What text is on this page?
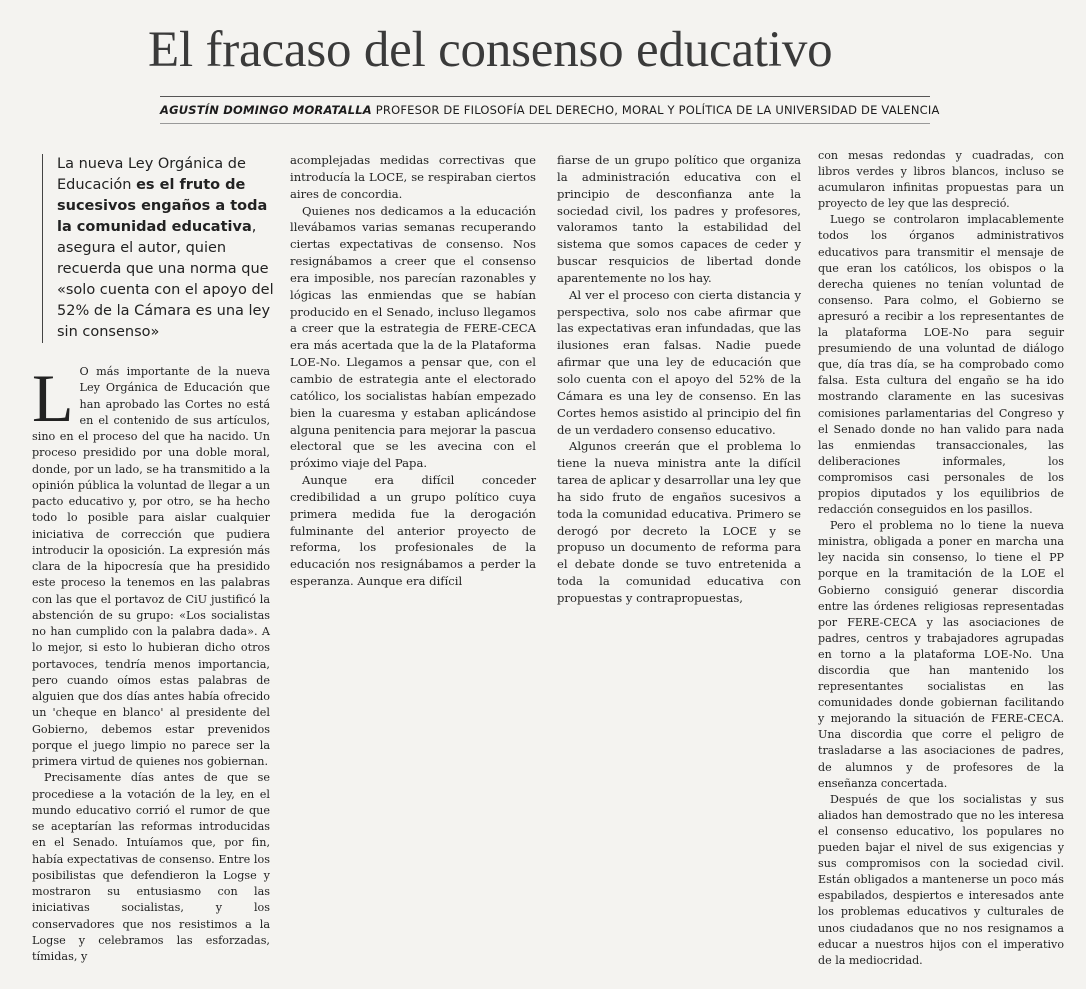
El fracaso del consenso educativo
AGUSTÍN DOMINGO MORATALLA PROFESOR DE FILOSOFÍA DEL DERECHO, MORAL Y POLÍTICA DE LA UNIVERSIDAD DE VALENCIA
La nueva Ley Orgánica de Educación es el fruto de sucesivos engaños a toda la comunidad educativa, asegura el autor, quien recuerda que una norma que «solo cuenta con el apoyo del 52% de la Cámara es una ley sin consenso»

L O más importante de la nueva Ley Orgánica de Educación que han aprobado las Cortes no está en el contenido de sus artículos, sino en el proceso del que ha nacido. Un proceso presidido por una doble moral, donde, por un lado, se ha transmitido a la opinión pública la voluntad de llegar a un pacto educativo y, por otro, se ha hecho todo lo posible para aislar cualquier iniciativa de corrección que pudiera introducir la oposición. La expresión más clara de la hipocresía que ha presidido este proceso la tenemos en las palabras con las que el portavoz de CiU justificó la abstención de su grupo: «Los socialistas no han cumplido con la palabra dada». A lo mejor, si esto lo hubieran dicho otros portavoces, tendría menos importancia, pero cuando oímos estas palabras de alguien que dos días antes había ofrecido un 'cheque en blanco' al presidente del Gobierno, debemos estar prevenidos porque el juego limpio no parece ser la primera virtud de quienes nos gobiernan.

Precisamente días antes de que se procediese a la votación de la ley, en el mundo educativo corrió el rumor de que se aceptarían las reformas introducidas en el Senado. Intuíamos que, por fin, había expectativas de consenso. Entre los posibilistas que defendieron la Logse y mostraron su entusiasmo con las iniciativas socialistas, y los conservadores que nos resistimos a la Logse y celebramos las esforzadas, tímidas, y

acomplejadas medidas correctivas que introducía la LOCE, se respiraban ciertos aires de concordia.

Quienes nos dedicamos a la educación llevábamos varias semanas recuperando ciertas expectativas de consenso. Nos resignábamos a creer que el consenso era imposible, nos parecían razonables y lógicas las enmiendas que se habían producido en el Senado, incluso llegamos a creer que la estrategia de FERE-CECA era más acertada que la de la Plataforma LOE-No. Llegamos a pensar que, con el cambio de estrategia ante el electorado católico, los socialistas habían empezado bien la cuaresma y estaban aplicándose alguna penitencia para mejorar la pascua electoral que se les avecina con el próximo viaje del Papa.

Aunque era difícil conceder credibilidad a un grupo político cuya primera medida fue la derogación fulminante del anterior proyecto de reforma, los profesionales de la educación nos resignábamos a perder la esperanza. Aunque era difícil

fiarse de un grupo político que organiza la administración educativa con el principio de desconfianza ante la sociedad civil, los padres y profesores, valoramos tanto la estabilidad del sistema que somos capaces de ceder y buscar resquicios de libertad donde aparentemente no los hay.

Al ver el proceso con cierta distancia y perspectiva, solo nos cabe afirmar que las expectativas eran infundadas, que las ilusiones eran falsas. Nadie puede afirmar que una ley de educación que solo cuenta con el apoyo del 52% de la Cámara es una ley de consenso. En las Cortes hemos asistido al principio del fin de un verdadero consenso educativo.

Algunos creerán que el problema lo tiene la nueva ministra ante la difícil tarea de aplicar y desarrollar una ley que ha sido fruto de engaños sucesivos a toda la comunidad educativa. Primero se derogó por decreto la LOCE y se propuso un documento de reforma para el debate donde se tuvo entretenida a toda la comunidad educativa con propuestas y contrapropuestas,

con mesas redondas y cuadradas, con libros verdes y libros blancos, incluso se acumularon infinitas propuestas para un proyecto de ley que las despreció.

Luego se controlaron implacablemente todos los órganos administrativos educativos para transmitir el mensaje de que eran los católicos, los obispos o la derecha quienes no tenían voluntad de consenso. Para colmo, el Gobierno se apresuró a recibir a los representantes de la plataforma LOE-No para seguir presumiendo de una voluntad de diálogo que, día tras día, se ha comprobado como falsa. Esta cultura del engaño se ha ido mostrando claramente en las sucesivas comisiones parlamentarias del Congreso y el Senado donde no han valido para nada las enmiendas transaccionales, las deliberaciones informales, los compromisos casi personales de los propios diputados y los equilibrios de redacción conseguidos en los pasillos.

Pero el problema no lo tiene la nueva ministra, obligada a poner en marcha una ley nacida sin consenso, lo tiene el PP porque en la tramitación de la LOE el Gobierno consiguió generar discordia entre las órdenes religiosas representadas por FERE-CECA y las asociaciones de padres, centros y trabajadores agrupadas en torno a la plataforma LOE-No. Una discordia que han mantenido los representantes socialistas en las comunidades donde gobiernan facilitando y mejorando la situación de FERE-CECA. Una discordia que corre el peligro de trasladarse a las asociaciones de padres, de alumnos y de profesores de la enseñanza concertada.

Después de que los socialistas y sus aliados han demostrado que no les interesa el consenso educativo, los populares no pueden bajar el nivel de sus exigencias y sus compromisos con la sociedad civil. Están obligados a mantenerse un poco más espabilados, despiertos e interesados ante los problemas educativos y culturales de unos ciudadanos que no nos resignamos a educar a nuestros hijos con el imperativo de la mediocridad.
